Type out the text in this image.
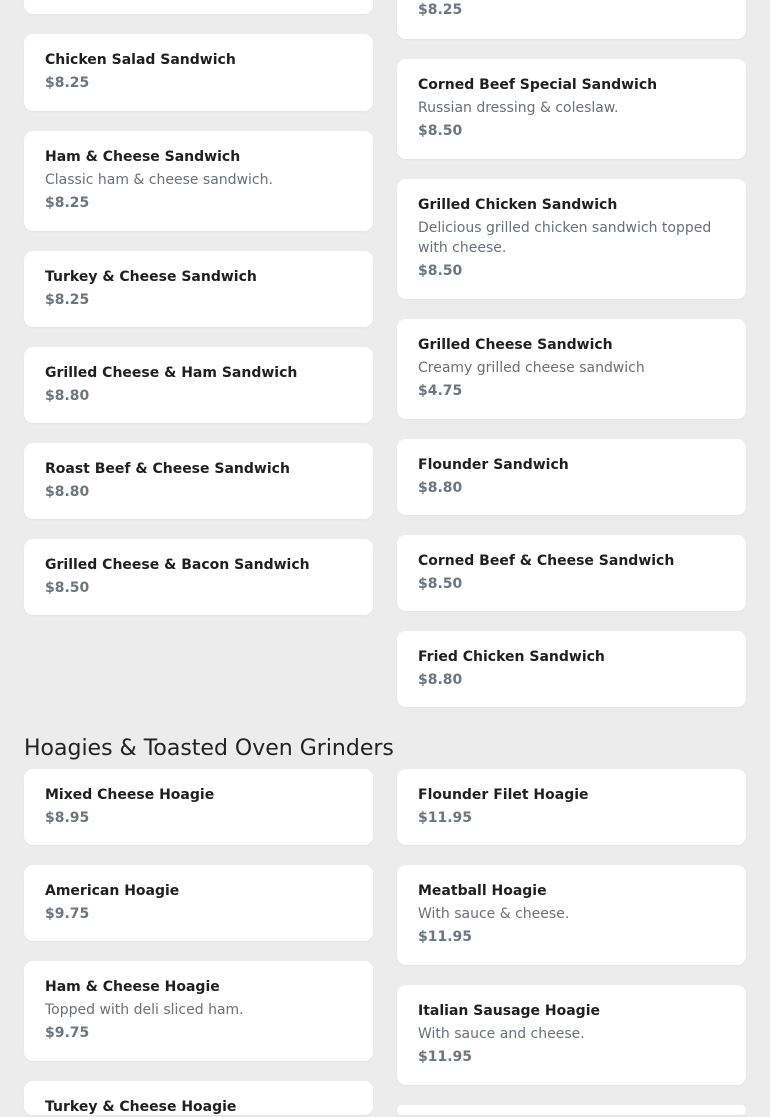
Chicken Salad Sandwich
$8.25
Ham & Cheese Sandwich
Classic ham & cheese sandwich.
$8.25
Turkey & Cheese Sandwich
$8.25
Grilled Cheese & Ham Sandwich
$8.80
Roast Beef & Cheese Sandwich
$8.80
Grilled Cheese & Bacon Sandwich
$8.50
$8.25
Corned Beef Special Sandwich
Russian dressing & coleslaw.
$8.50
Grilled Chicken Sandwich
Delicious grilled chicken sandwich topped with cheese.
$8.50
Grilled Cheese Sandwich
Creamy grilled cheese sandwich
$4.75
Flounder Sandwich
$8.80
Corned Beef & Cheese Sandwich
$8.50
Fried Chicken Sandwich
$8.80
Hoagies & Toasted Oven Grinders
Mixed Cheese Hoagie
$8.95
American Hoagie
$9.75
Ham & Cheese Hoagie
Topped with deli sliced ham.
$9.75
Turkey & Cheese Hoagie
Flounder Filet Hoagie
$11.95
Meatball Hoagie
With sauce & cheese.
$11.95
Italian Sausage Hoagie
With sauce and cheese.
$11.95
